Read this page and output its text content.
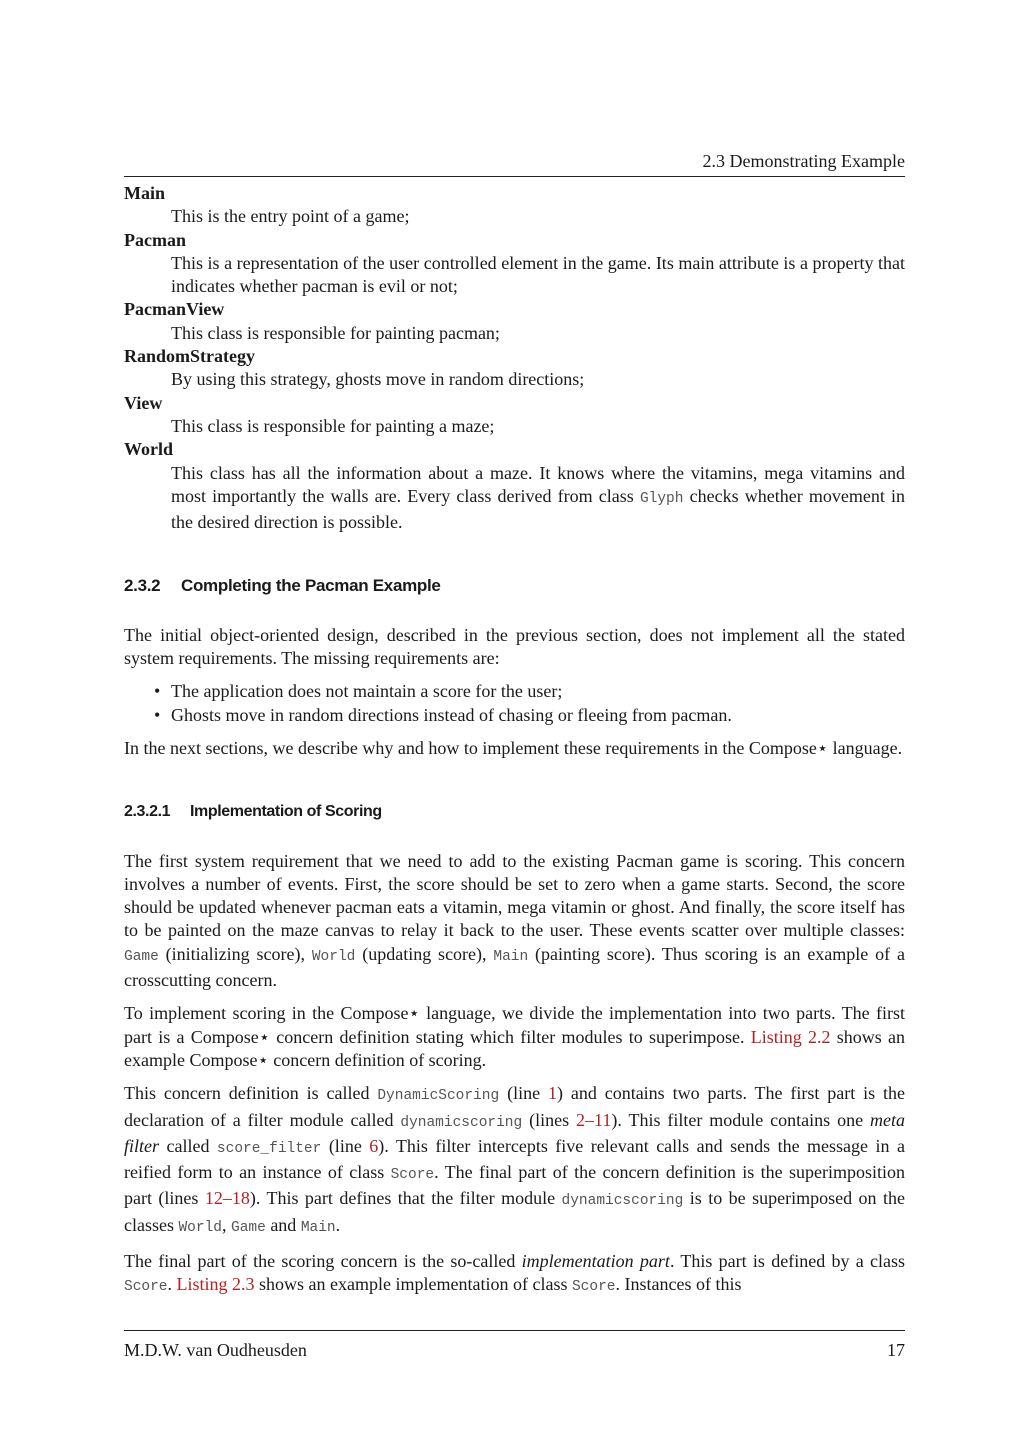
2.3 Demonstrating Example

Main

This is the entry point of a game;

Pacman

This is a representation of the user controlled element in the game. Its main attribute is a property that indicates whether pacman is evil or not;

PacmanView

This class is responsible for painting pacman;

RandomStrategy

By using this strategy, ghosts move in random directions;

View

This class is responsible for painting a maze;

World

This class has all the information about a maze. It knows where the vitamins, mega vitamins and most importantly the walls are. Every class derived from class Glyph checks whether movement in the desired direction is possible.

2.3.2	Completing the Pacman Example

The initial object-oriented design, described in the previous section, does not implement all the stated system requirements. The missing requirements are:

• The application does not maintain a score for the user;
• Ghosts move in random directions instead of chasing or fleeing from pacman.

In the next sections, we describe why and how to implement these requirements in the Compose⋆ language.

2.3.2.1	Implementation of Scoring

The first system requirement that we need to add to the existing Pacman game is scoring. This concern involves a number of events. First, the score should be set to zero when a game starts. Second, the score should be updated whenever pacman eats a vitamin, mega vitamin or ghost. And finally, the score itself has to be painted on the maze canvas to relay it back to the user. These events scatter over multiple classes: Game (initializing score), World (updating score), Main (painting score). Thus scoring is an example of a crosscutting concern.

To implement scoring in the Compose⋆ language, we divide the implementation into two parts. The first part is a Compose⋆ concern definition stating which filter modules to superimpose. Listing 2.2 shows an example Compose⋆ concern definition of scoring.

This concern definition is called DynamicScoring (line 1) and contains two parts. The first part is the declaration of a filter module called dynamicscoring (lines 2–11). This filter module contains one meta filter called score_filter (line 6). This filter intercepts five relevant calls and sends the message in a reified form to an instance of class Score. The final part of the concern definition is the superimposition part (lines 12–18). This part defines that the filter module dynamicscoring is to be superimposed on the classes World, Game and Main.

The final part of the scoring concern is the so-called implementation part. This part is defined by a class Score. Listing 2.3 shows an example implementation of class Score. Instances of this

M.D.W. van Oudheusden	17
